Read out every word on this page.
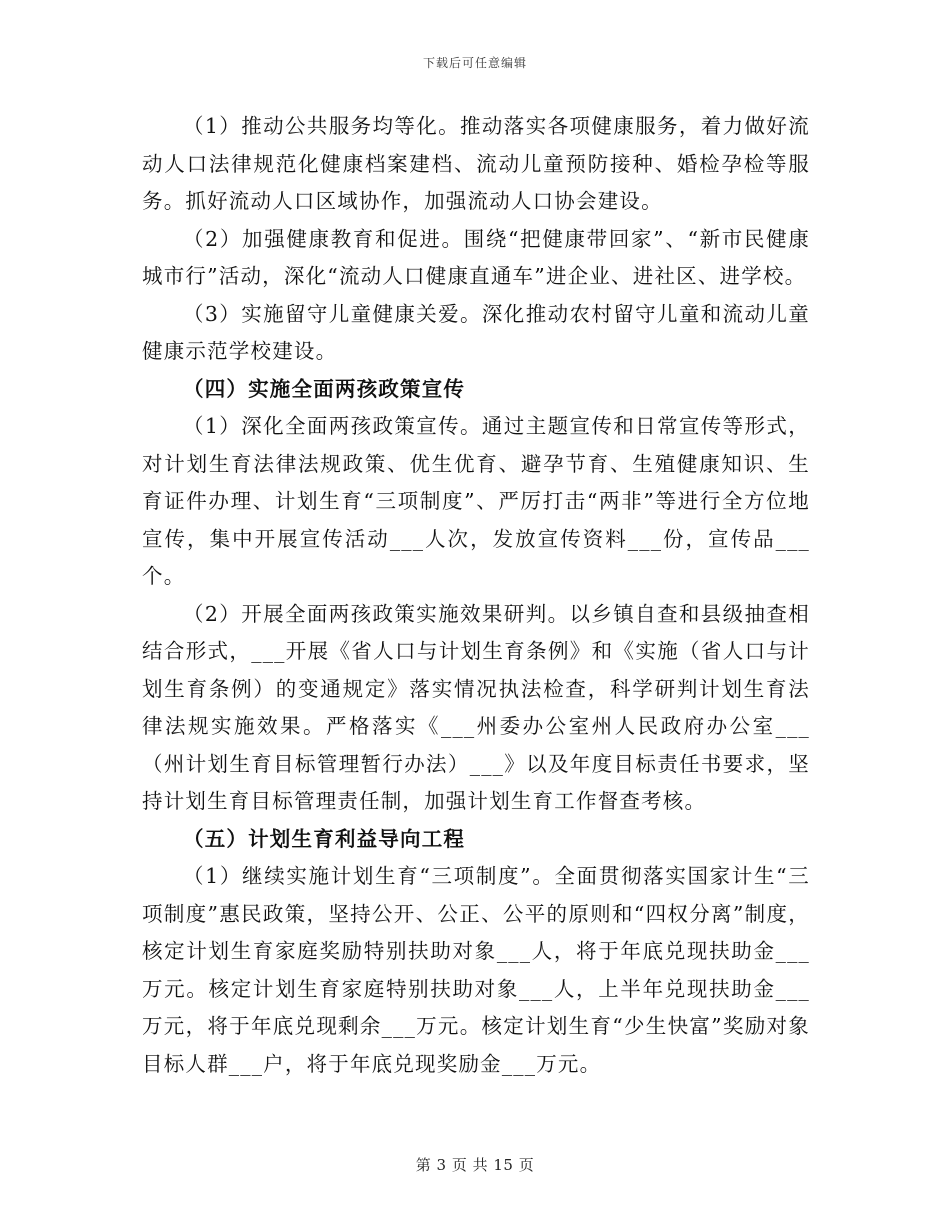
下载后可任意编辑

（1）推动公共服务均等化。推动落实各项健康服务，着力做好流动人口法律规范化健康档案建档、流动儿童预防接种、婚检孕检等服务。抓好流动人口区域协作，加强流动人口协会建设。

（2）加强健康教育和促进。围绕“把健康带回家”、“新市民健康城市行”活动，深化“流动人口健康直通车”进企业、进社区、进学校。

（3）实施留守儿童健康关爱。深化推动农村留守儿童和流动儿童健康示范学校建设。

（四）实施全面两孩政策宣传

（1）深化全面两孩政策宣传。通过主题宣传和日常宣传等形式，对计划生育法律法规政策、优生优育、避孕节育、生殖健康知识、生育证件办理、计划生育“三项制度”、严厉打击“两非”等进行全方位地宣传，集中开展宣传活动___人次，发放宣传资料___份，宣传品___个。

（2）开展全面两孩政策实施效果研判。以乡镇自查和县级抽查相结合形式，___开展《省人口与计划生育条例》和《实施（省人口与计划生育条例）的变通规定》落实情况执法检查，科学研判计划生育法律法规实施效果。严格落实《___州委办公室州人民政府办公室___（州计划生育目标管理暂行办法）___》以及年度目标责任书要求，坚持计划生育目标管理责任制，加强计划生育工作督查考核。

（五）计划生育利益导向工程

（1）继续实施计划生育“三项制度”。全面贯彻落实国家计生“三项制度”惠民政策，坚持公开、公正、公平的原则和“四权分离”制度，核定计划生育家庭奖励特别扶助对象___人，将于年底兑现扶助金___万元。核定计划生育家庭特别扶助对象___人，上半年兑现扶助金___万元，将于年底兑现剩余___万元。核定计划生育“少生快富”奖励对象目标人群___户，将于年底兑现奖励金___万元。

第 3 页 共 15 页
